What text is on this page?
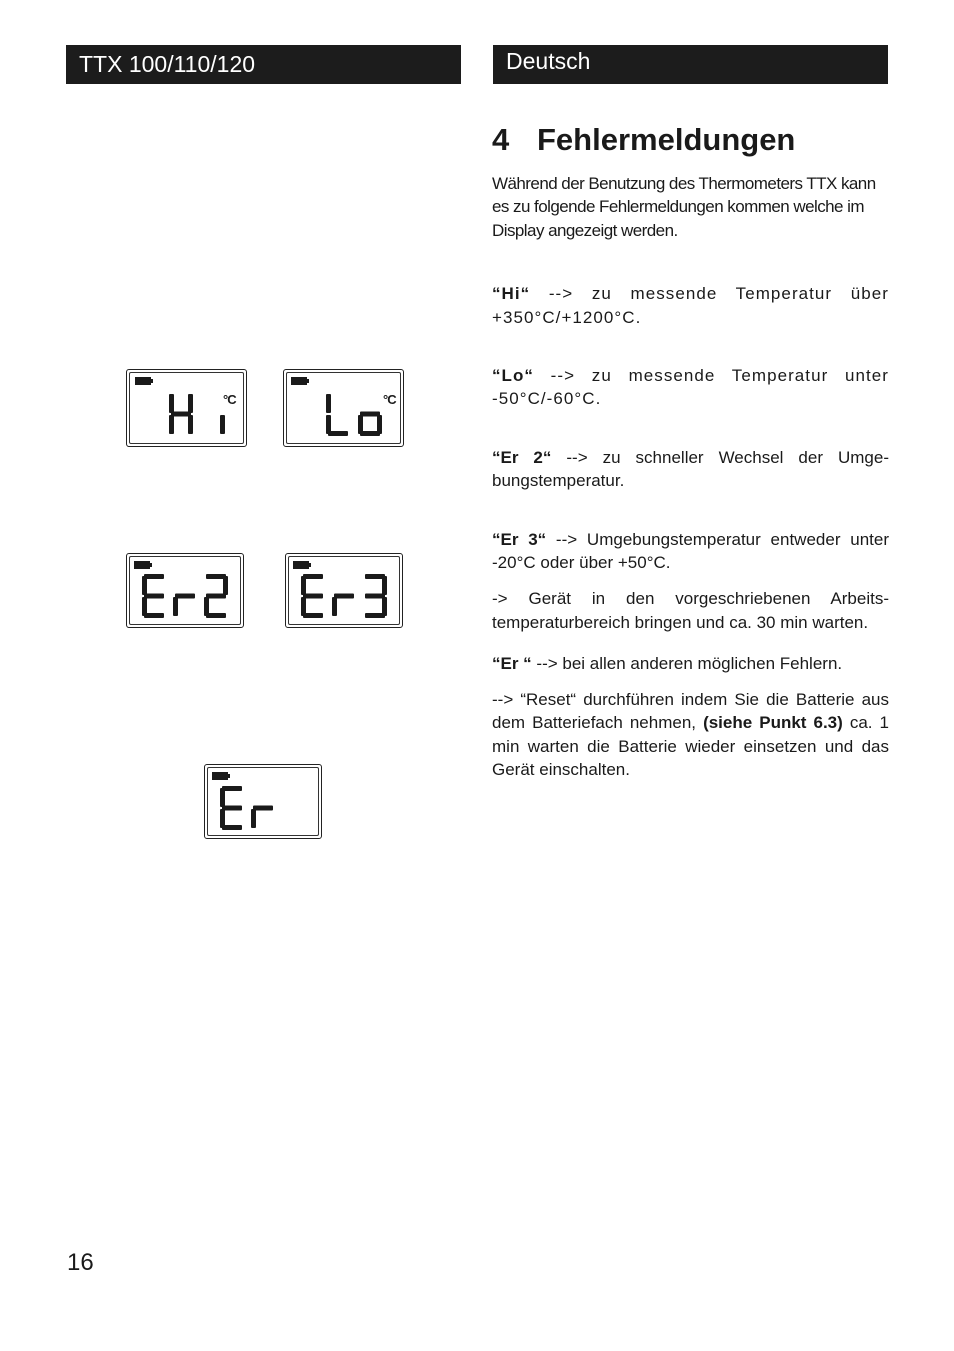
TTX 100/110/120	Deutsch
°C	°C
4 Fehlermeldungen

Während der Benutzung des Thermometers TTX kann es zu folgende Fehlermeldungen kommen welche im Display angezeigt werden.

“Hi“ --> zu messende Temperatur über +350°C/+1200°C.

“Lo“ --> zu messende Temperatur unter -50°C/-60°C.

“Er 2“ --> zu schneller Wechsel der Umgebungstemperatur.

“Er 3“ --> Umgebungstemperatur entweder unter -20°C oder über +50°C.

-> Gerät in den vorgeschriebenen Arbeitstemperaturbereich bringen und ca. 30 min warten.

“Er “ --> bei allen anderen möglichen Fehlern.

--> “Reset“ durchführen indem Sie die Batterie aus dem Batteriefach nehmen, (siehe Punkt 6.3) ca. 1 min warten die Batterie wieder einsetzen und das Gerät einschalten.

16
